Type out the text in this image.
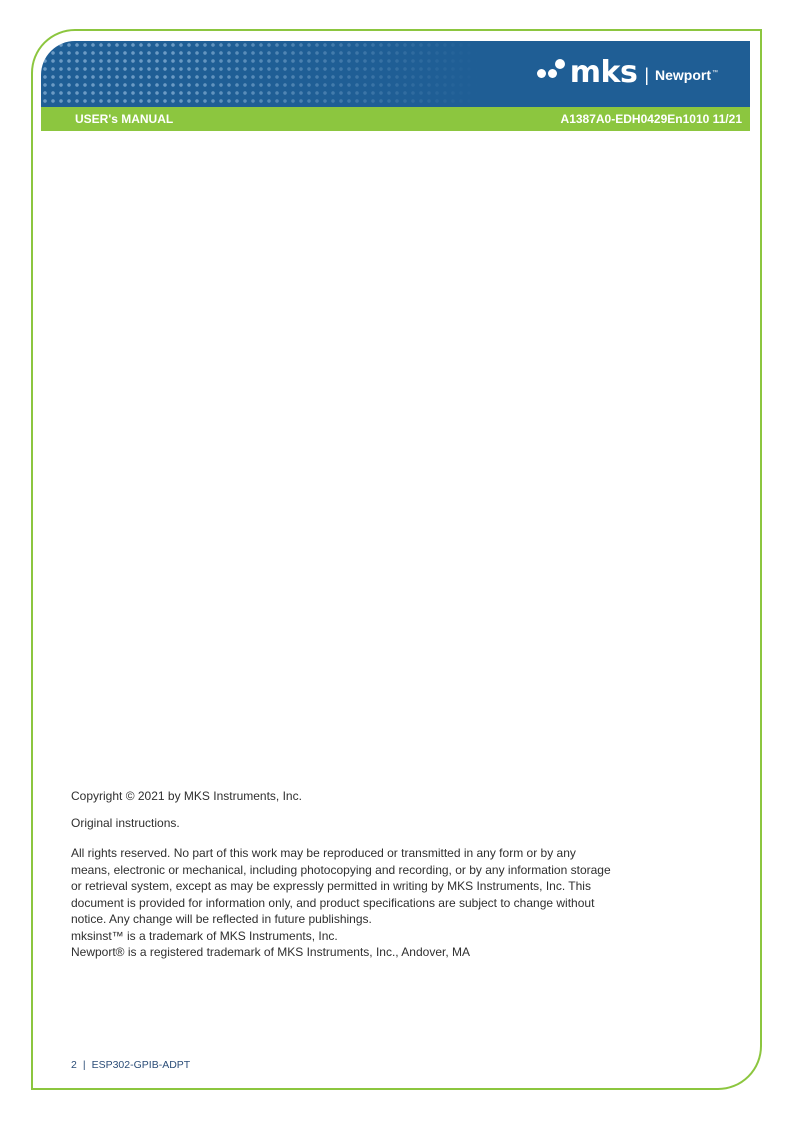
mks | Newport ™
USER's MANUAL	A1387A0-EDH0429En1010 11/21

Copyright © 2021 by MKS Instruments, Inc.

Original instructions.

All rights reserved. No part of this work may be reproduced or transmitted in any form or by any

means, electronic or mechanical, including photocopying and recording, or by any information storage

or retrieval system, except as may be expressly permitted in writing by MKS Instruments, Inc. This

document is provided for information only, and product specifications are subject to change without

notice. Any change will be reflected in future publishings.

mksinst™ is a trademark of MKS Instruments, Inc.

Newport® is a registered trademark of MKS Instruments, Inc., Andover, MA

2 | ESP302-GPIB-ADPT
